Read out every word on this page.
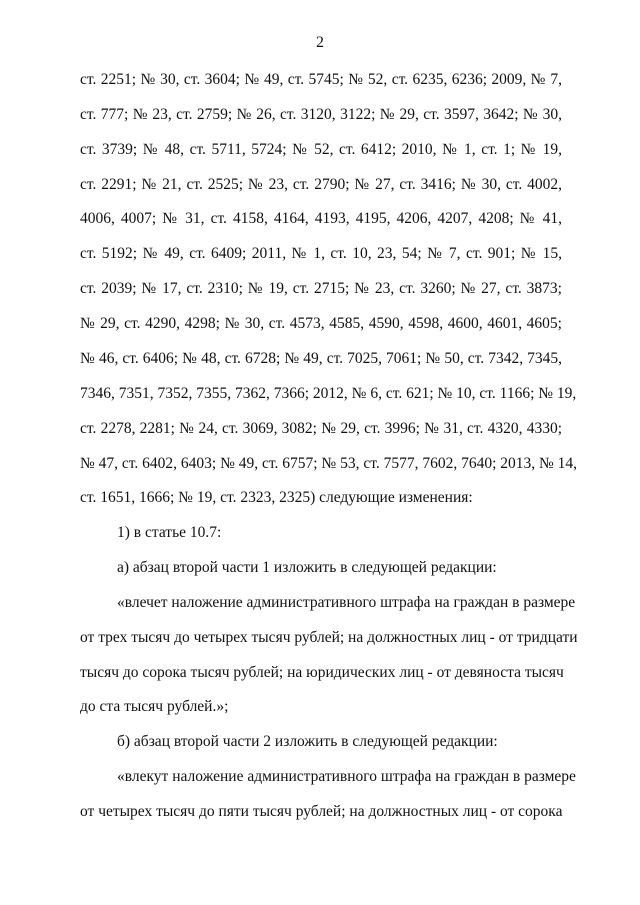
2
ст. 2251; № 30, ст. 3604; № 49, ст. 5745; № 52, ст. 6235, 6236; 2009, № 7,
ст. 777; № 23, ст. 2759; № 26, ст. 3120, 3122; № 29, ст. 3597, 3642; № 30,
ст. 3739; № 48, ст. 5711, 5724; № 52, ст. 6412; 2010, № 1, ст. 1; № 19,
ст. 2291; № 21, ст. 2525; № 23, ст. 2790; № 27, ст. 3416; № 30, ст. 4002,
4006, 4007; № 31, ст. 4158, 4164, 4193, 4195, 4206, 4207, 4208; № 41,
ст. 5192; № 49, ст. 6409; 2011, № 1, ст. 10, 23, 54; № 7, ст. 901; № 15,
ст. 2039; № 17, ст. 2310; № 19, ст. 2715; № 23, ст. 3260; № 27, ст. 3873;
№ 29, ст. 4290, 4298; № 30, ст. 4573, 4585, 4590, 4598, 4600, 4601, 4605;
№ 46, ст. 6406; № 48, ст. 6728; № 49, ст. 7025, 7061; № 50, ст. 7342, 7345,
7346, 7351, 7352, 7355, 7362, 7366; 2012, № 6, ст. 621; № 10, ст. 1166; № 19,
ст. 2278, 2281; № 24, ст. 3069, 3082; № 29, ст. 3996; № 31, ст. 4320, 4330;
№ 47, ст. 6402, 6403; № 49, ст. 6757; № 53, ст. 7577, 7602, 7640; 2013, № 14,
ст. 1651, 1666; № 19, ст. 2323, 2325) следующие изменения:
1) в статье 10.7:
а) абзац второй части 1 изложить в следующей редакции:
«влечет наложение административного штрафа на граждан в размере
от трех тысяч до четырех тысяч рублей; на должностных лиц - от тридцати
тысяч до сорока тысяч рублей; на юридических лиц - от девяноста тысяч
до ста тысяч рублей.»;
б) абзац второй части 2 изложить в следующей редакции:
«влекут наложение административного штрафа на граждан в размере
от четырех тысяч до пяти тысяч рублей; на должностных лиц - от сорока
